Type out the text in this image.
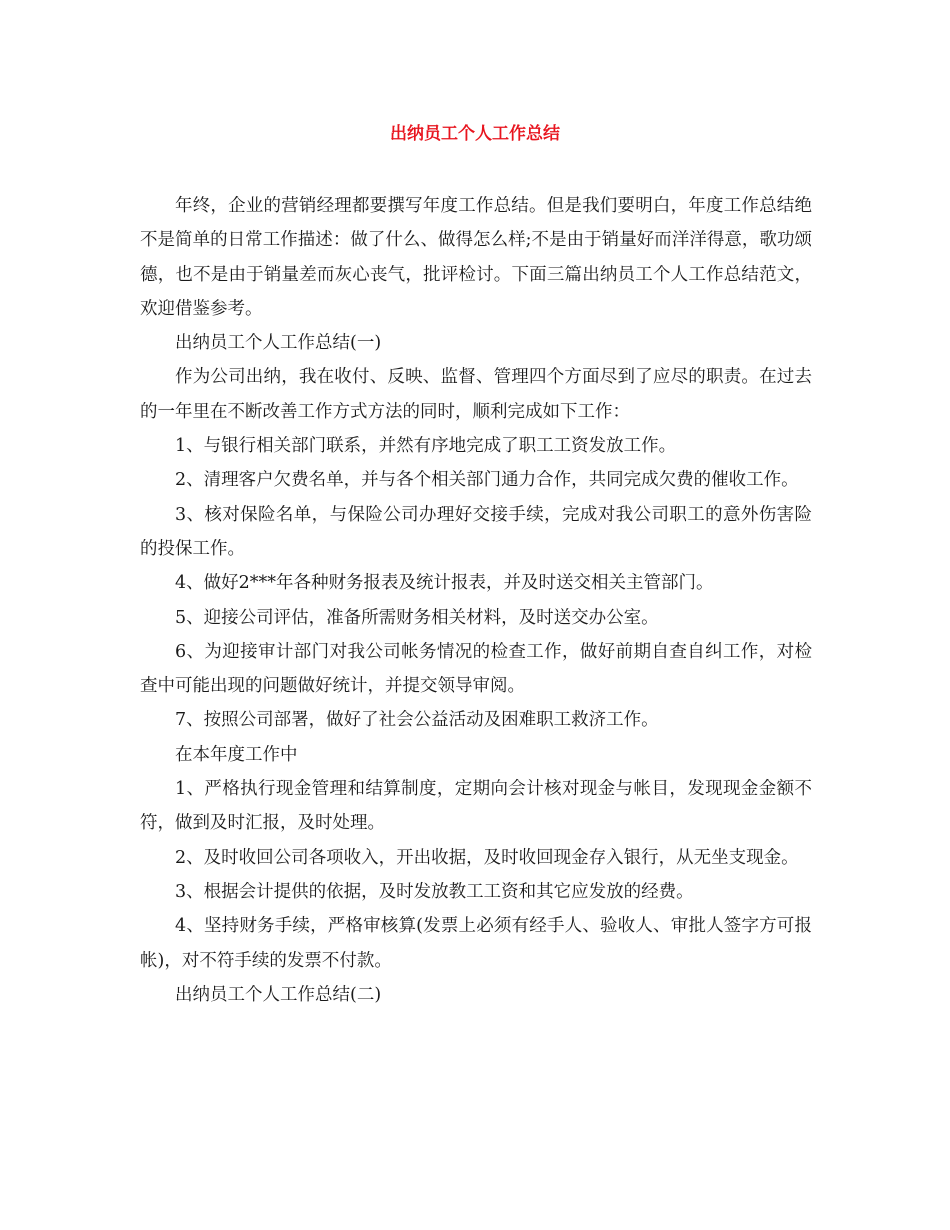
出纳员工个人工作总结

年终，企业的营销经理都要撰写年度工作总结。但是我们要明白，年度工作总结绝不是简单的日常工作描述：做了什么、做得怎么样;不是由于销量好而洋洋得意，歌功颂德，也不是由于销量差而灰心丧气，批评检讨。下面三篇出纳员工个人工作总结范文，欢迎借鉴参考。

出纳员工个人工作总结(一)

作为公司出纳，我在收付、反映、监督、管理四个方面尽到了应尽的职责。在过去的一年里在不断改善工作方式方法的同时，顺利完成如下工作：

1、与银行相关部门联系，并然有序地完成了职工工资发放工作。

2、清理客户欠费名单，并与各个相关部门通力合作，共同完成欠费的催收工作。

3、核对保险名单，与保险公司办理好交接手续，完成对我公司职工的意外伤害险的投保工作。

4、做好2***年各种财务报表及统计报表，并及时送交相关主管部门。

5、迎接公司评估，准备所需财务相关材料，及时送交办公室。

6、为迎接审计部门对我公司帐务情况的检查工作，做好前期自查自纠工作，对检查中可能出现的问题做好统计，并提交领导审阅。

7、按照公司部署，做好了社会公益活动及困难职工救济工作。

在本年度工作中

1、严格执行现金管理和结算制度，定期向会计核对现金与帐目，发现现金金额不符，做到及时汇报，及时处理。

2、及时收回公司各项收入，开出收据，及时收回现金存入银行，从无坐支现金。

3、根据会计提供的依据，及时发放教工工资和其它应发放的经费。

4、坚持财务手续，严格审核算(发票上必须有经手人、验收人、审批人签字方可报帐)，对不符手续的发票不付款。

出纳员工个人工作总结(二)
